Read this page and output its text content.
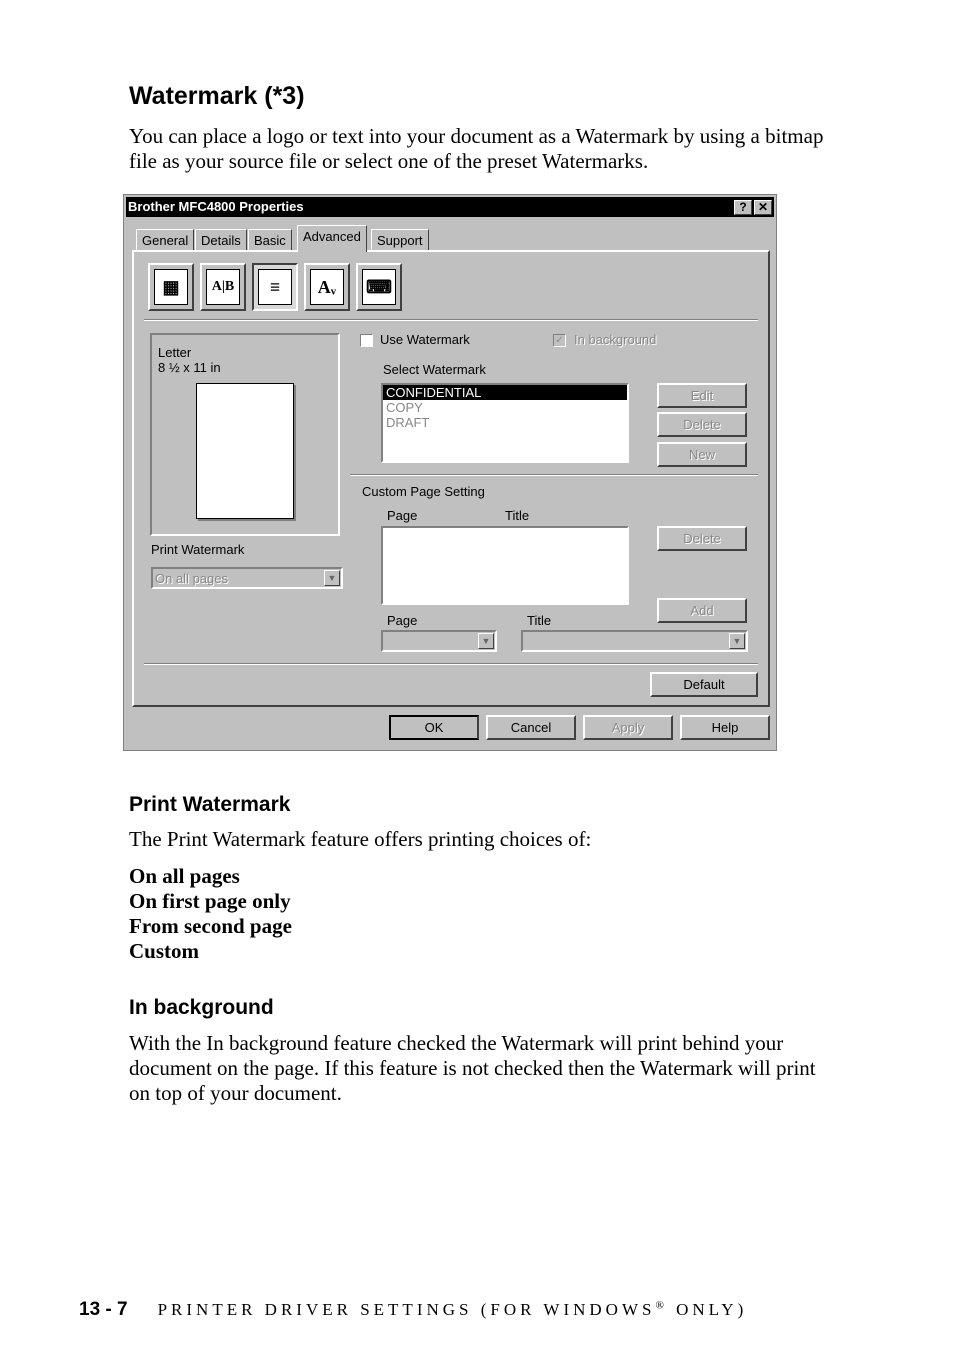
Watermark (*3)
You can place a logo or text into your document as a Watermark by using a bitmap file as your source file or select one of the preset Watermarks.
Brother MFC4800 Properties	? ✕
General Details	Basic	Advanced	Support
▦	A|B	≡	Aᵥ	⌨
Letter
8 ½ x 11 in
Print Watermark
On all pages	▼
Use Watermark	✓ In background
Select Watermark
CONFIDENTIAL
COPY
DRAFT
Edit
Delete
New
Custom Page Setting
Page	Title
Delete
Add
Page	Title
▼	▼
Default
OK	Cancel	Apply	Help
Print Watermark
The Print Watermark feature offers printing choices of:
On all pages
On first page only
From second page
Custom
In background
With the In background feature checked the Watermark will print behind your document on the page. If this feature is not checked then the Watermark will print on top of your document.
13 - 7 PRINTER DRIVER SETTINGS (FOR WINDOWS® ONLY)
